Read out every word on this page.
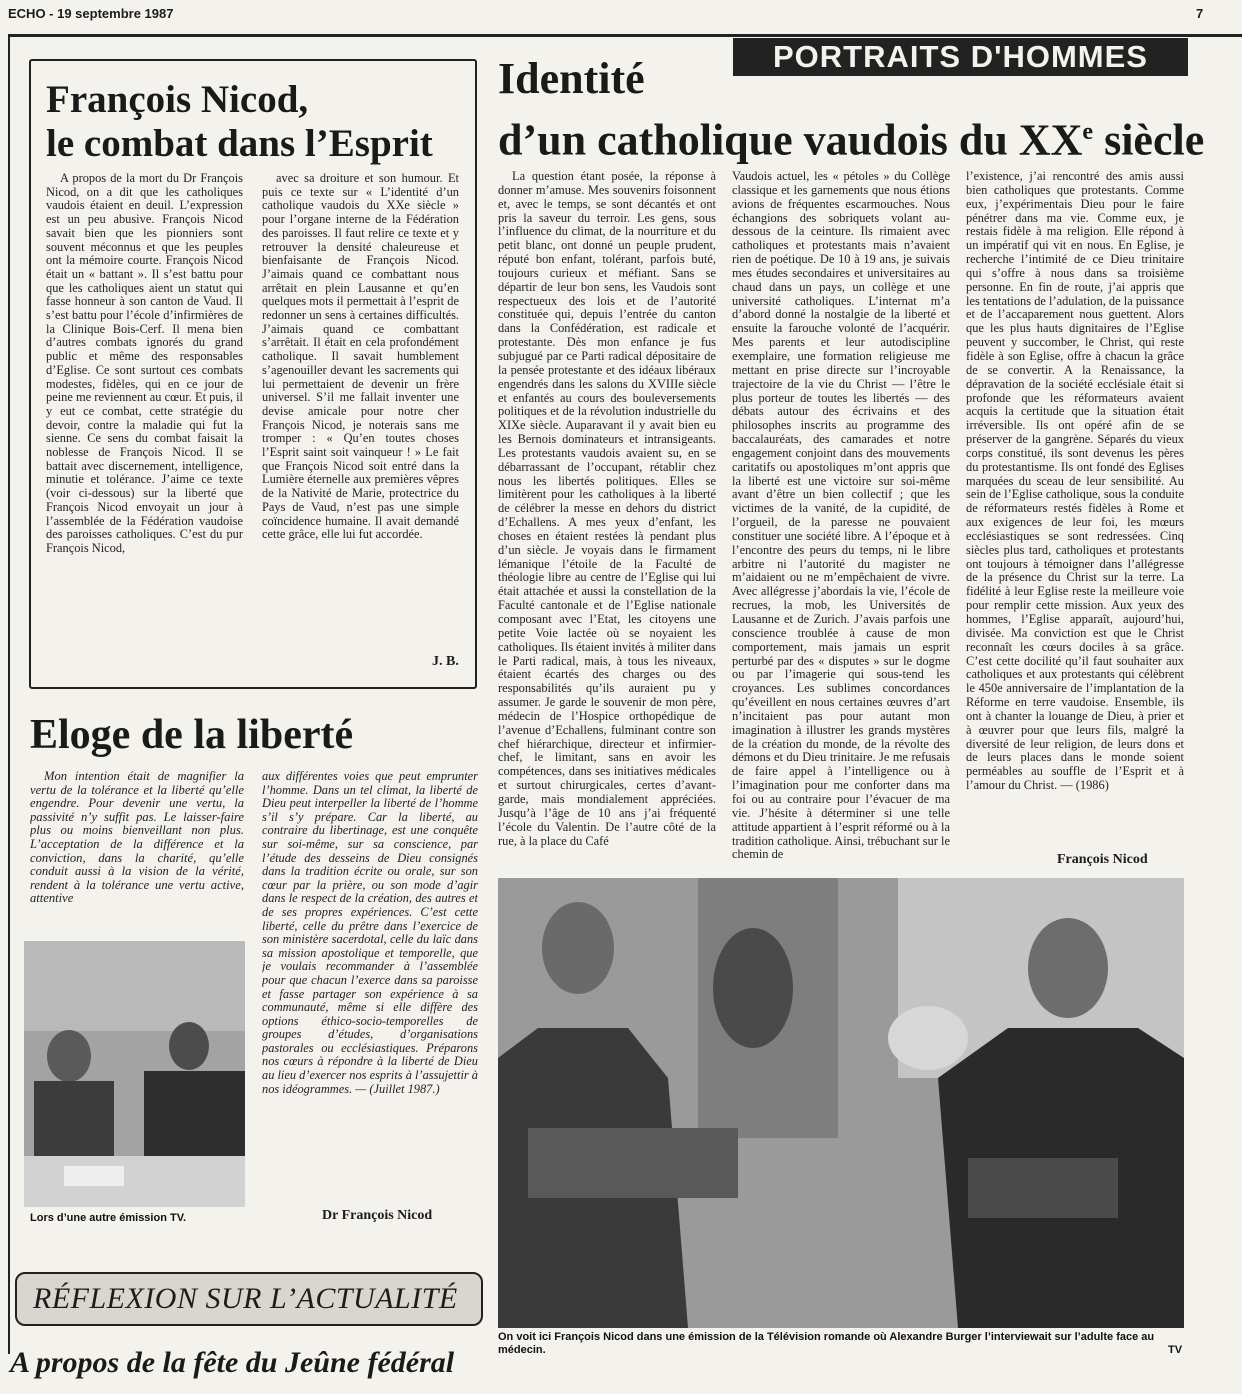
ECHO - 19 septembre 1987	7
PORTRAITS D'HOMMES
François Nicod,
le combat dans l’Esprit

A propos de la mort du Dr François Nicod, on a dit que les catholiques vaudois étaient en deuil. L’expression est un peu abusive. François Nicod savait bien que les pionniers sont souvent méconnus et que les peuples ont la mémoire courte. François Nicod était un « battant ». Il s’est battu pour que les catholiques aient un statut qui fasse honneur à son canton de Vaud. Il s’est battu pour l’école d’infirmières de la Clinique Bois-Cerf. Il mena bien d’autres combats ignorés du grand public et même des responsables d’Eglise. Ce sont surtout ces combats modestes, fidèles, qui en ce jour de peine me reviennent au cœur. Et puis, il y eut ce combat, cette stratégie du devoir, contre la maladie qui fut la sienne. Ce sens du combat faisait la noblesse de François Nicod. Il se battait avec discernement, intelligence, minutie et tolérance. J’aime ce texte (voir ci-dessous) sur la liberté que François Nicod envoyait un jour à l’assemblée de la Fédération vaudoise des paroisses catholiques. C’est du pur François Nicod,

avec sa droiture et son humour. Et puis ce texte sur « L’identité d’un catholique vaudois du XXe siècle » pour l’organe interne de la Fédération des paroisses. Il faut relire ce texte et y retrouver la densité chaleureuse et bienfaisante de François Nicod. J’aimais quand ce combattant nous arrêtait en plein Lausanne et qu’en quelques mots il permettait à l’esprit de redonner un sens à certaines difficultés. J’aimais quand ce combattant s’arrêtait. Il était en cela profondément catholique. Il savait humblement s’agenouiller devant les sacrements qui lui permettaient de devenir un frère universel. S’il me fallait inventer une devise amicale pour notre cher François Nicod, je noterais sans me tromper : « Qu’en toutes choses l’Esprit saint soit vainqueur ! » Le fait que François Nicod soit entré dans la Lumière éternelle aux premières vêpres de la Nativité de Marie, protectrice du Pays de Vaud, n’est pas une simple coïncidence humaine. Il avait demandé cette grâce, elle lui fut accordée.

J. B.
Eloge de la liberté

Mon intention était de magnifier la vertu de la tolérance et la liberté qu’elle engendre. Pour devenir une vertu, la passivité n’y suffit pas. Le laisser-faire plus ou moins bienveillant non plus. L’acceptation de la différence et la conviction, dans la charité, qu’elle conduit aussi à la vision de la vérité, rendent à la tolérance une vertu active, attentive

aux différentes voies que peut emprunter l’homme. Dans un tel climat, la liberté de Dieu peut interpeller la liberté de l’homme s’il s’y prépare. Car la liberté, au contraire du libertinage, est une conquête sur soi-même, sur sa conscience, par l’étude des desseins de Dieu consignés dans la tradition écrite ou orale, sur son cœur par la prière, ou son mode d’agir dans le respect de la création, des autres et de ses propres expériences. C’est cette liberté, celle du prêtre dans l’exercice de son ministère sacerdotal, celle du laïc dans sa mission apostolique et temporelle, que je voulais recommander à l’assemblée pour que chacun l’exerce dans sa paroisse et fasse partager son expérience à sa communauté, même si elle diffère des options éthico-socio-temporelles de groupes d’études, d’organisations pastorales ou ecclésiastiques. Préparons nos cœurs à répondre à la liberté de Dieu au lieu d’exercer nos esprits à l’assujettir à nos idéogrammes. — (Juillet 1987.)

Dr François Nicod
Lors d’une autre émission TV.
RÉFLEXION SUR L’ACTUALITÉ
A propos de la fête du Jeûne fédéral
Identité
d’un catholique vaudois du XXe siècle

La question étant posée, la réponse à donner m’amuse. Mes souvenirs foisonnent et, avec le temps, se sont décantés et ont pris la saveur du terroir. Les gens, sous l’influence du climat, de la nourriture et du petit blanc, ont donné un peuple prudent, réputé bon enfant, tolérant, parfois buté, toujours curieux et méfiant. Sans se départir de leur bon sens, les Vaudois sont respectueux des lois et de l’autorité constituée qui, depuis l’entrée du canton dans la Confédération, est radicale et protestante. Dès mon enfance je fus subjugué par ce Parti radical dépositaire de la pensée protestante et des idéaux libéraux engendrés dans les salons du XVIIIe siècle et enfantés au cours des bouleversements politiques et de la révolution industrielle du XIXe siècle. Auparavant il y avait bien eu les Bernois dominateurs et intransigeants. Les protestants vaudois avaient su, en se débarrassant de l’occupant, rétablir chez nous les libertés politiques. Elles se limitèrent pour les catholiques à la liberté de célébrer la messe en dehors du district d’Echallens. A mes yeux d’enfant, les choses en étaient restées là pendant plus d’un siècle. Je voyais dans le firmament lémanique l’étoile de la Faculté de théologie libre au centre de l’Eglise qui lui était attachée et aussi la constellation de la Faculté cantonale et de l’Eglise nationale composant avec l’Etat, les citoyens une petite Voie lactée où se noyaient les catholiques. Ils étaient invités à militer dans le Parti radical, mais, à tous les niveaux, étaient écartés des charges ou des responsabilités qu’ils auraient pu y assumer. Je garde le souvenir de mon père, médecin de l’Hospice orthopédique de l’avenue d’Echallens, fulminant contre son chef hiérarchique, directeur et infirmier-chef, le limitant, sans en avoir les compétences, dans ses initiatives médicales et surtout chirurgicales, certes d’avant-garde, mais mondialement appréciées. Jusqu’à l’âge de 10 ans j’ai fréquenté l’école du Valentin. De l’autre côté de la rue, à la place du Café

Vaudois actuel, les « pétoles » du Collège classique et les garnements que nous étions avions de fréquentes escarmouches. Nous échangions des sobriquets volant au-dessous de la ceinture. Ils rimaient avec catholiques et protestants mais n’avaient rien de poétique. De 10 à 19 ans, je suivais mes études secondaires et universitaires au chaud dans un pays, un collège et une université catholiques. L’internat m’a d’abord donné la nostalgie de la liberté et ensuite la farouche volonté de l’acquérir. Mes parents et leur autodiscipline exemplaire, une formation religieuse me mettant en prise directe sur l’incroyable trajectoire de la vie du Christ — l’être le plus porteur de toutes les libertés — des débats autour des écrivains et des philosophes inscrits au programme des baccalauréats, des camarades et notre engagement conjoint dans des mouvements caritatifs ou apostoliques m’ont appris que la liberté est une victoire sur soi-même avant d’être un bien collectif ; que les victimes de la vanité, de la cupidité, de l’orgueil, de la paresse ne pouvaient constituer une société libre. A l’époque et à l’encontre des peurs du temps, ni le libre arbitre ni l’autorité du magister ne m’aidaient ou ne m’empêchaient de vivre. Avec allégresse j’abordais la vie, l’école de recrues, la mob, les Universités de Lausanne et de Zurich. J’avais parfois une conscience troublée à cause de mon comportement, mais jamais un esprit perturbé par des « disputes » sur le dogme ou par l’imagerie qui sous-tend les croyances. Les sublimes concordances qu’éveillent en nous certaines œuvres d’art n’incitaient pas pour autant mon imagination à illustrer les grands mystères de la création du monde, de la révolte des démons et du Dieu trinitaire. Je me refusais de faire appel à l’intelligence ou à l’imagination pour me conforter dans ma foi ou au contraire pour l’évacuer de ma vie. J’hésite à déterminer si une telle attitude appartient à l’esprit réformé ou à la tradition catholique. Ainsi, trébuchant sur le chemin de

l’existence, j’ai rencontré des amis aussi bien catholiques que protestants. Comme eux, j’expérimentais Dieu pour le faire pénétrer dans ma vie. Comme eux, je restais fidèle à ma religion. Elle répond à un impératif qui vit en nous. En Eglise, je recherche l’intimité de ce Dieu trinitaire qui s’offre à nous dans sa troisième personne. En fin de route, j’ai appris que les tentations de l’adulation, de la puissance et de l’accaparement nous guettent. Alors que les plus hauts dignitaires de l’Eglise peuvent y succomber, le Christ, qui reste fidèle à son Eglise, offre à chacun la grâce de se convertir. A la Renaissance, la dépravation de la société ecclésiale était si profonde que les réformateurs avaient acquis la certitude que la situation était irréversible. Ils ont opéré afin de se préserver de la gangrène. Séparés du vieux corps constitué, ils sont devenus les pères du protestantisme. Ils ont fondé des Eglises marquées du sceau de leur sensibilité. Au sein de l’Eglise catholique, sous la conduite de réformateurs restés fidèles à Rome et aux exigences de leur foi, les mœurs ecclésiastiques se sont redressées. Cinq siècles plus tard, catholiques et protestants ont toujours à témoigner dans l’allégresse de la présence du Christ sur la terre. La fidélité à leur Eglise reste la meilleure voie pour remplir cette mission. Aux yeux des hommes, l’Eglise apparaît, aujourd’hui, divisée. Ma conviction est que le Christ reconnaît les cœurs dociles à sa grâce. C’est cette docilité qu’il faut souhaiter aux catholiques et aux protestants qui célèbrent le 450e anniversaire de l’implantation de la Réforme en terre vaudoise. Ensemble, ils ont à chanter la louange de Dieu, à prier et à œuvrer pour que leurs fils, malgré la diversité de leur religion, de leurs dons et de leurs places dans le monde soient perméables au souffle de l’Esprit et à l’amour du Christ. — (1986)

François Nicod
On voit ici François Nicod dans une émission de la Télévision romande où Alexandre Burger l’interviewait sur l’adulte face au médecin.	TV
